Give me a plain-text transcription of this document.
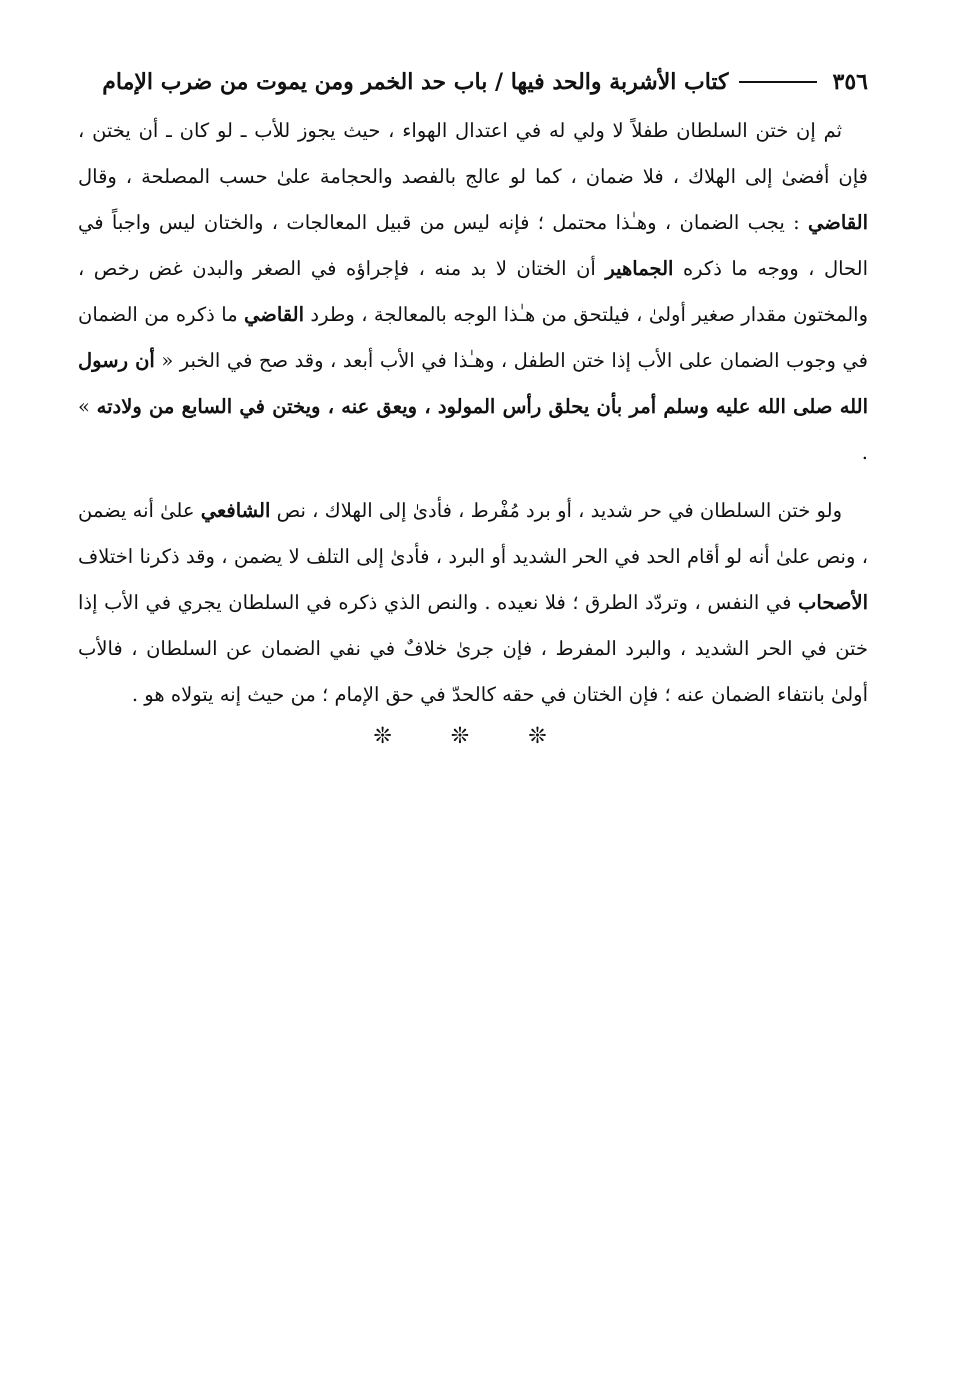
٣٥٦
كتاب الأشربة والحد فيها / باب حد الخمر ومن يموت من ضرب الإمام

ثم إن ختن السلطان طفلاً لا ولي له في اعتدال الهواء ، حيث يجوز للأب ـ لو كان ـ أن يختن ، فإن أفضىٰ إلى الهلاك ، فلا ضمان ، كما لو عالج بالفصد والحجامة علىٰ حسب المصلحة ، وقال القاضي : يجب الضمان ، وهـٰذا محتمل ؛ فإنه ليس من قبيل المعالجات ، والختان ليس واجباً في الحال ، ووجه ما ذكره الجماهير أن الختان لا بد منه ، فإجراؤه في الصغر والبدن غض رخص ، والمختون مقدار صغير أولىٰ ، فيلتحق من هـٰذا الوجه بالمعالجة ، وطرد القاضي ما ذكره من الضمان في وجوب الضمان على الأب إذا ختن الطفل ، وهـٰذا في الأب أبعد ، وقد صح في الخبر « أن رسول الله صلى الله عليه وسلم أمر بأن يحلق رأس المولود ، ويعق عنه ، ويختن في السابع من ولادته » .

ولو ختن السلطان في حر شديد ، أو برد مُفْرط ، فأدىٰ إلى الهلاك ، نص الشافعي علىٰ أنه يضمن ، ونص علىٰ أنه لو أقام الحد في الحر الشديد أو البرد ، فأدىٰ إلى التلف لا يضمن ، وقد ذكرنا اختلاف الأصحاب في النفس ، وتردّد الطرق ؛ فلا نعيده . والنص الذي ذكره في السلطان يجري في الأب إذا ختن في الحر الشديد ، والبرد المفرط ، فإن جرىٰ خلافٌ في نفي الضمان عن السلطان ، فالأب أولىٰ بانتفاء الضمان عنه ؛ فإن الختان في حقه كالحدّ في حق الإمام ؛ من حيث إنه يتولاه هو .

❊ ❊ ❊
